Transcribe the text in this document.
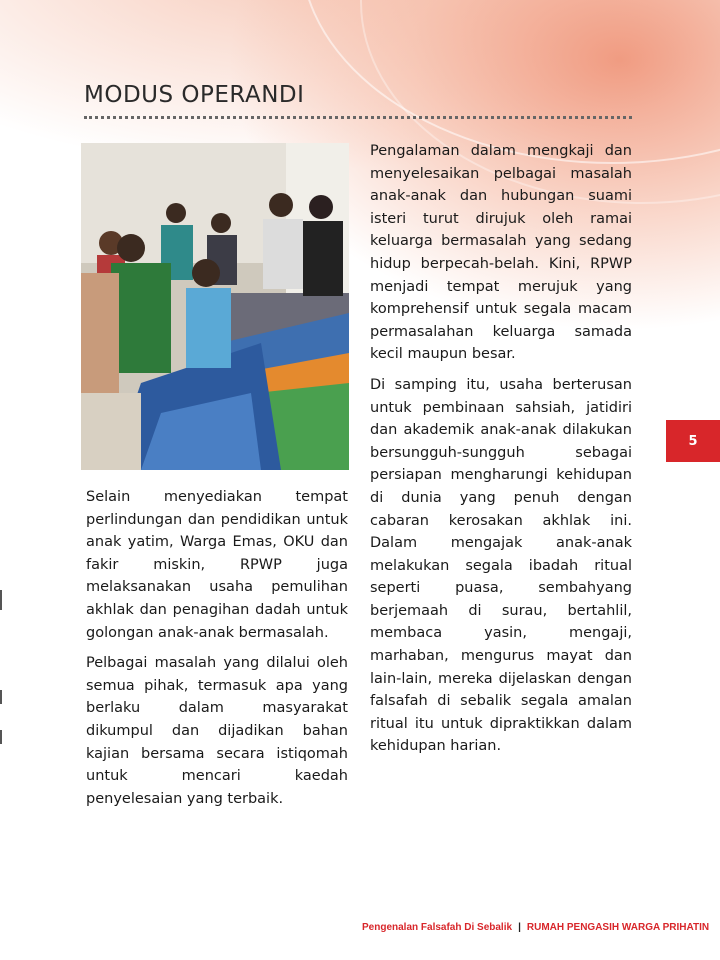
MODUS OPERANDI

Selain menyediakan tempat perlindungan dan pendidikan untuk anak yatim, Warga Emas, OKU dan fakir miskin, RPWP juga melaksanakan usaha pemulihan akhlak dan penagihan dadah untuk golongan anak-anak bermasalah.

Pelbagai masalah yang dilalui oleh semua pihak, termasuk apa yang berlaku dalam masyarakat dikumpul dan dijadikan bahan kajian bersama secara istiqomah untuk mencari kaedah penyelesaian yang terbaik.

Pengalaman dalam mengkaji dan menyelesaikan pelbagai masalah anak-anak dan hubungan suami isteri turut dirujuk oleh ramai keluarga bermasalah yang sedang hidup berpecah-belah. Kini, RPWP menjadi tempat merujuk yang komprehensif untuk segala macam permasalahan keluarga samada kecil maupun besar.

Di samping itu, usaha berterusan untuk pembinaan sahsiah, jatidiri dan akademik anak-anak dilakukan bersungguh-sungguh sebagai persiapan mengharungi kehidupan di dunia yang penuh dengan cabaran kerosakan akhlak ini. Dalam mengajak anak-anak melakukan segala ibadah ritual seperti puasa, sembahyang berjemaah di surau, bertahlil, membaca yasin, mengaji, marhaban, mengurus mayat dan lain-lain, mereka dijelaskan dengan falsafah di sebalik segala amalan ritual itu untuk dipraktikkan dalam kehidupan harian.

5
Pengenalan Falsafah Di Sebalik | RUMAH PENGASIH WARGA PRIHATIN
